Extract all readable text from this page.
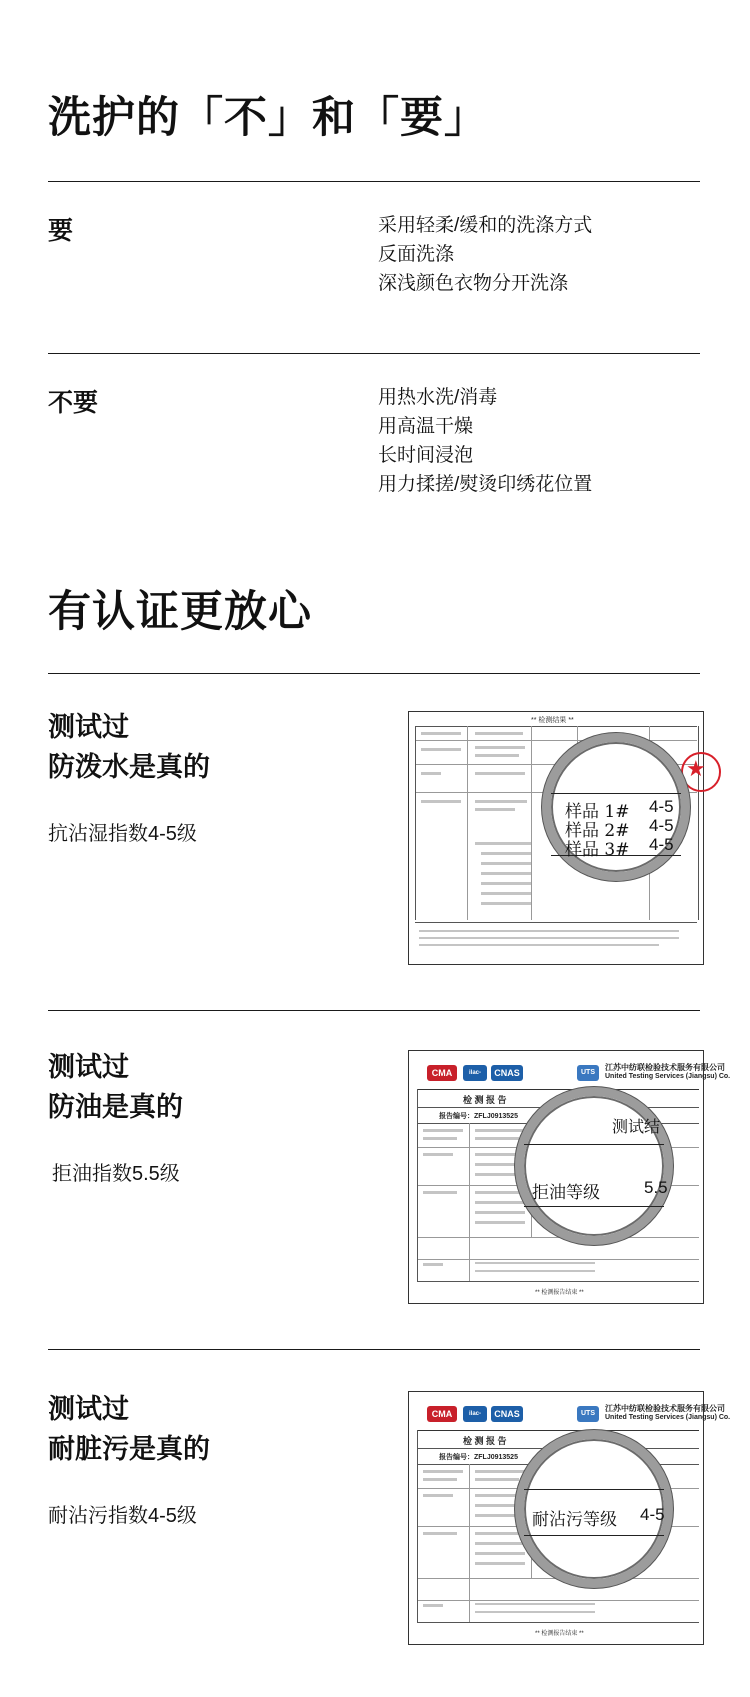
洗护的「不」和「要」
要	采用轻柔/缓和的洗涤方式
反面洗涤
深浅颜色衣物分开洗涤
不要	用热水洗/消毒
用高温干燥
长时间浸泡
用力揉搓/熨烫印绣花位置
有认证更放心
测试过
防泼水是真的
抗沾湿指数4-5级
** 检测结果 **
★
样品 1# 4-5
样品 2# 4-5
样品 3# 4-5
测试过
防油是真的
拒油指数5.5级
CMA	ilac-	CNAS	UTS
江苏中纺联检验技术服务有限公司
United Testing Services (Jiangsu) Co.
检 测 报 告
报告编号：ZFLJ0913525
** 检测报告结束 **
测试结
拒油等级	5.5
测试过
耐脏污是真的
耐沾污指数4-5级
CMA	ilac-	CNAS	UTS
江苏中纺联检验技术服务有限公司
United Testing Services (Jiangsu) Co.
检 测 报 告
报告编号：ZFLJ0913525
** 检测报告结束 **
耐沾污等级 4-5
